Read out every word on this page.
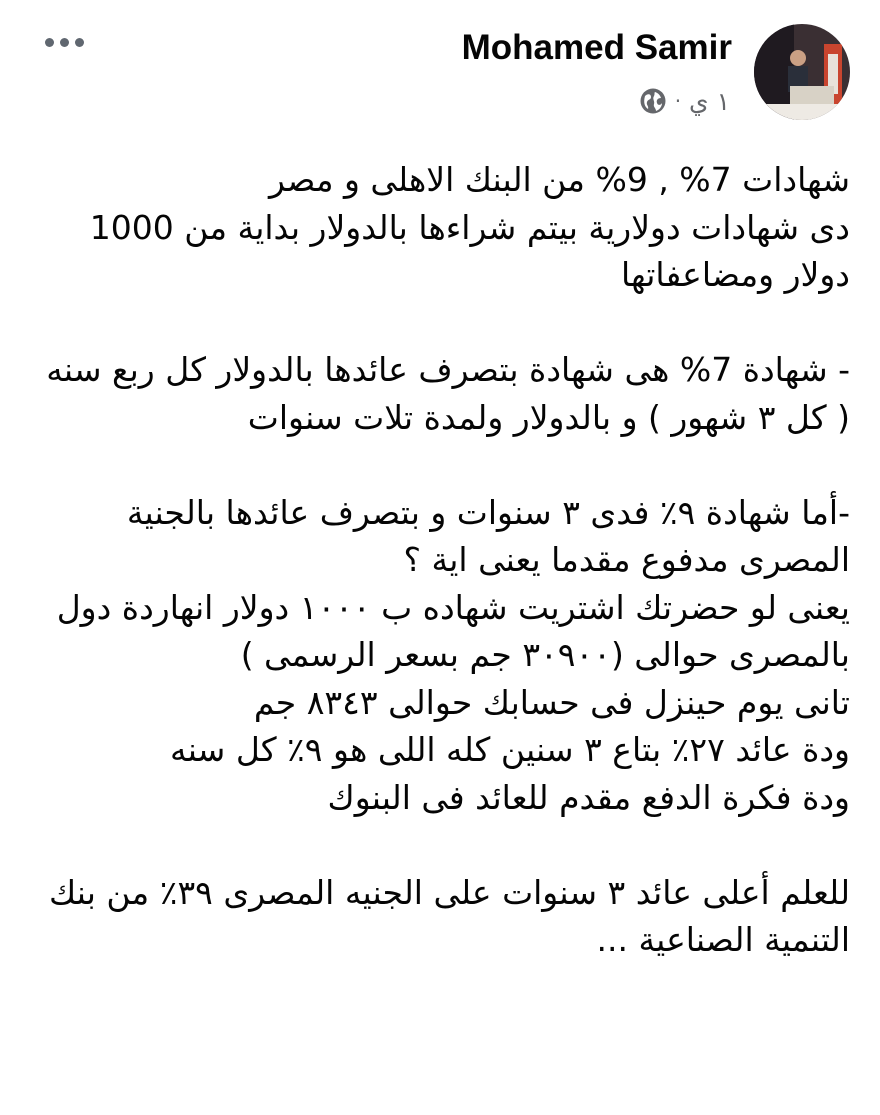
Mohamed Samir
١ ي
·
شهادات 7% , 9% من البنك الاهلى و مصر
دى شهادات دولارية بيتم شراءها بالدولار بداية من 1000
دولار ومضاعفاتها
- شهادة 7% هى شهادة بتصرف عائدها بالدولار كل ربع سنه
( كل ٣ شهور ) و بالدولار ولمدة تلات سنوات
-أما شهادة ٩٪ فدى ٣ سنوات و بتصرف عائدها بالجنية
المصرى مدفوع مقدما يعنى اية ؟
يعنى لو حضرتك اشتريت شهاده ب ١٠٠٠ دولار انهاردة دول
بالمصرى حوالى (٣٠٩٠٠ جم بسعر الرسمى )
تانى يوم حينزل فى حسابك حوالى ٨٣٤٣ جم
ودة عائد ٢٧٪ بتاع ٣ سنين كله اللى هو ٩٪ كل سنه
ودة فكرة الدفع مقدم للعائد فى البنوك
للعلم أعلى عائد ٣ سنوات على الجنيه المصرى ٣٩٪ من بنك
التنمية الصناعية ...
